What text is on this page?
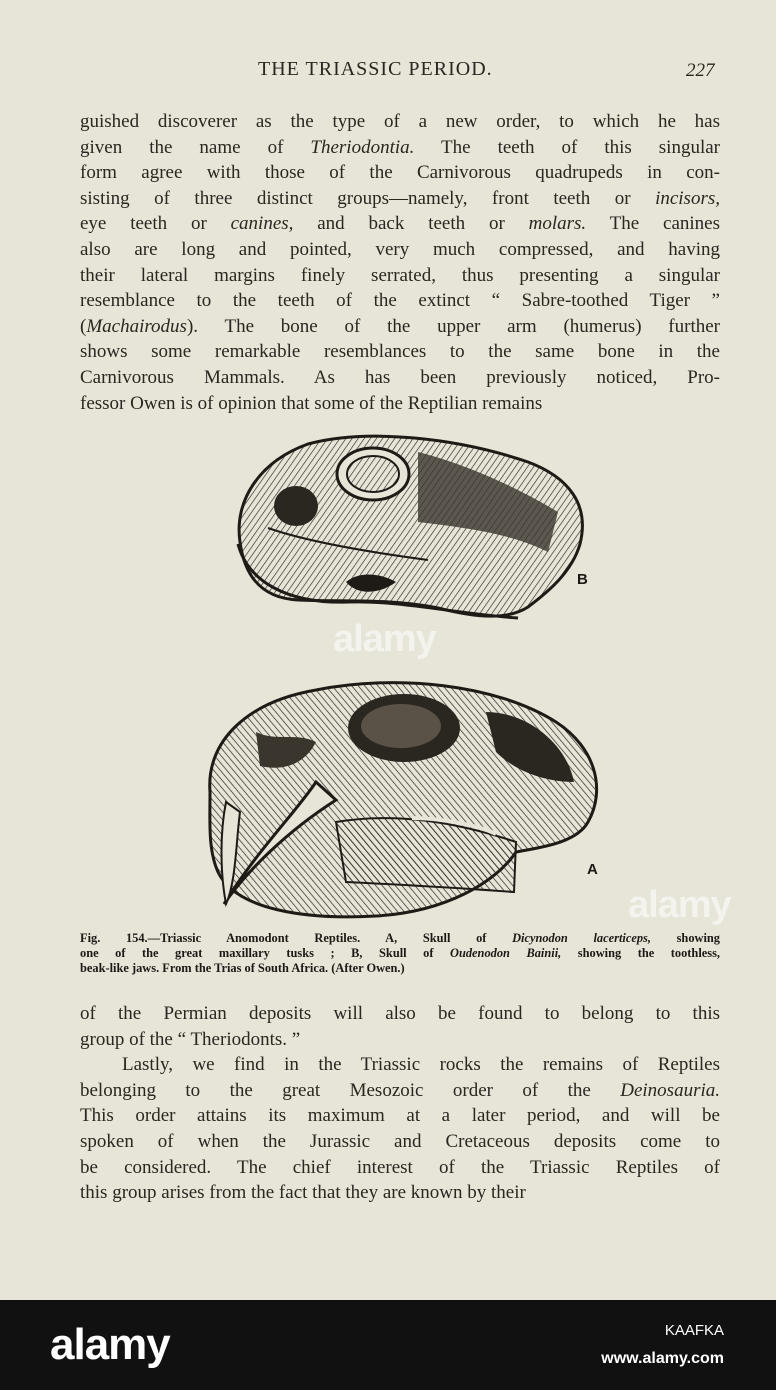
THE TRIASSIC PERIOD.	227

guished discoverer as the type of a new order, to which he has
given the name of Theriodontia. The teeth of this singular
form agree with those of the Carnivorous quadrupeds in con-
sisting of three distinct groups—namely, front teeth or incisors,
eye teeth or canines, and back teeth or molars. The canines
also are long and pointed, very much compressed, and having
their lateral margins finely serrated, thus presenting a singular
resemblance to the teeth of the extinct “ Sabre-toothed Tiger ”
(Machairodus). The bone of the upper arm (humerus) further
shows some remarkable resemblances to the same bone in the
Carnivorous Mammals. As has been previously noticed, Pro-
fessor Owen is of opinion that some of the Reptilian remains

B
A

Fig. 154.—Triassic Anomodont Reptiles. A, Skull of Dicynodon lacerticeps, showing
one of the great maxillary tusks ; B, Skull of Oudenodon Bainii, showing the toothless,
beak-like jaws. From the Trias of South Africa. (After Owen.)

of the Permian deposits will also be found to belong to this
group of the “ Theriodonts. ”
Lastly, we find in the Triassic rocks the remains of Reptiles
belonging to the great Mesozoic order of the Deinosauria.
This order attains its maximum at a later period, and will be
spoken of when the Jurassic and Cretaceous deposits come to
be considered. The chief interest of the Triassic Reptiles of
this group arises from the fact that they are known by their

alamy
alamy
alamy	KAAFKA
www.alamy.com
